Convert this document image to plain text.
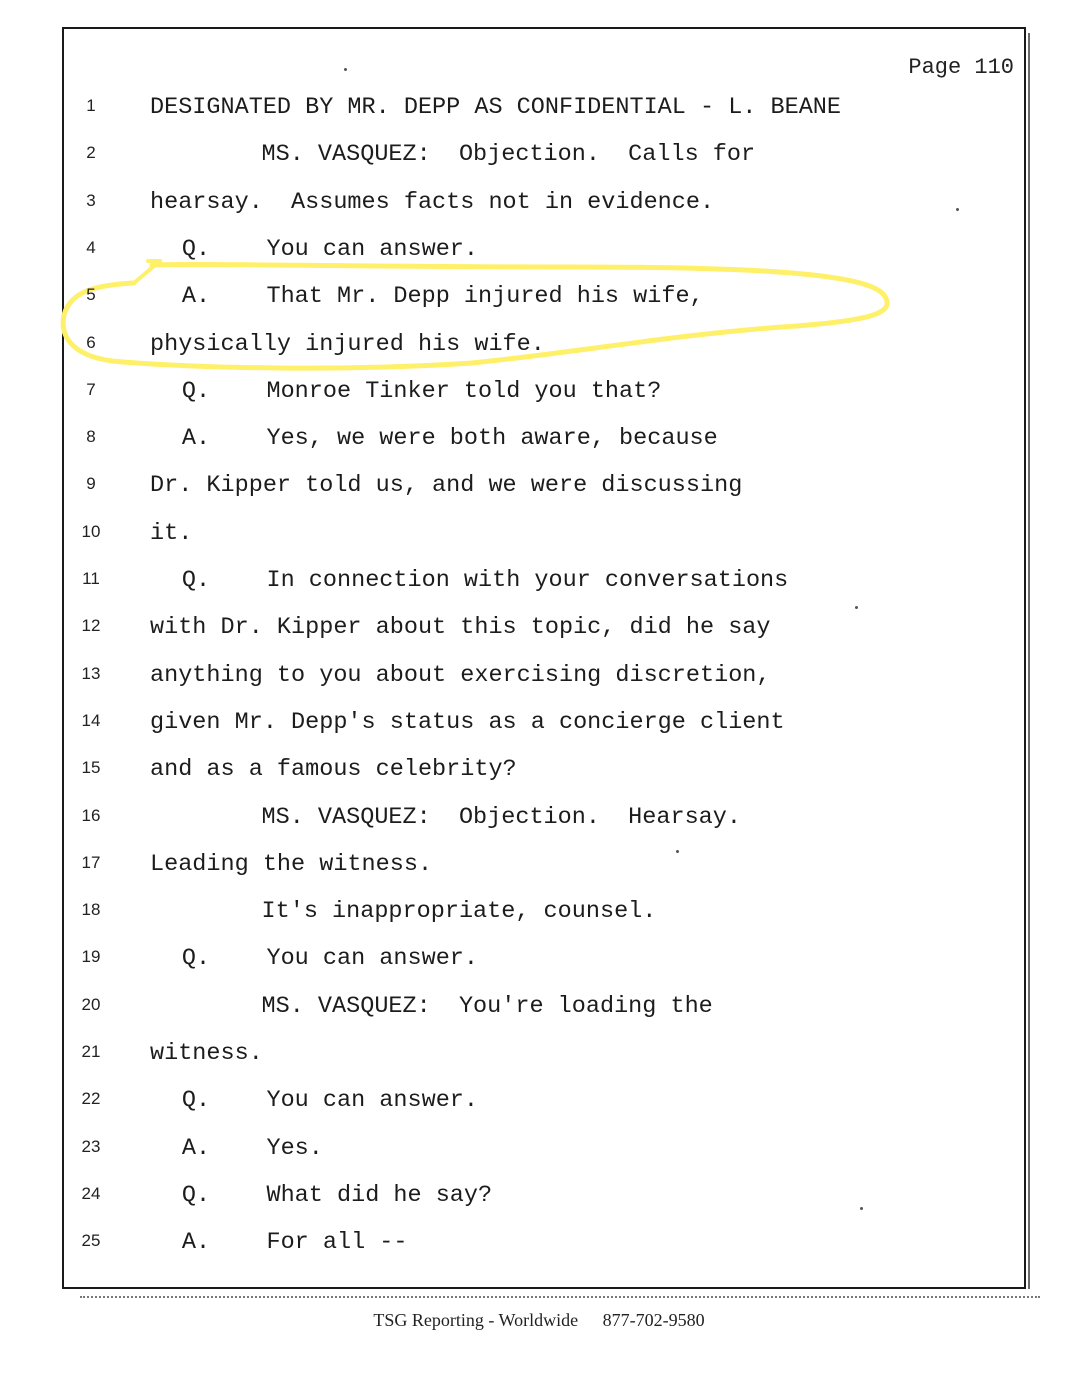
Page 110
1	DESIGNATED BY MR. DEPP AS CONFIDENTIAL - L. BEANE
2	MS. VASQUEZ:  Objection.  Calls for
3	hearsay.  Assumes facts not in evidence.
4	Q.    You can answer.
5	A.    That Mr. Depp injured his wife,
6	physically injured his wife.
7	Q.    Monroe Tinker told you that?
8	A.    Yes, we were both aware, because
9	Dr. Kipper told us, and we were discussing
10	it.
11	Q.    In connection with your conversations
12	with Dr. Kipper about this topic, did he say
13	anything to you about exercising discretion,
14	given Mr. Depp's status as a concierge client
15	and as a famous celebrity?
16	MS. VASQUEZ:  Objection.  Hearsay.
17	Leading the witness.
18	It's inappropriate, counsel.
19	Q.    You can answer.
20	MS. VASQUEZ:  You're loading the
21	witness.
22	Q.    You can answer.
23	A.    Yes.
24	Q.    What did he say?
25	A.    For all --
TSG Reporting - Worldwide 877-702-9580
